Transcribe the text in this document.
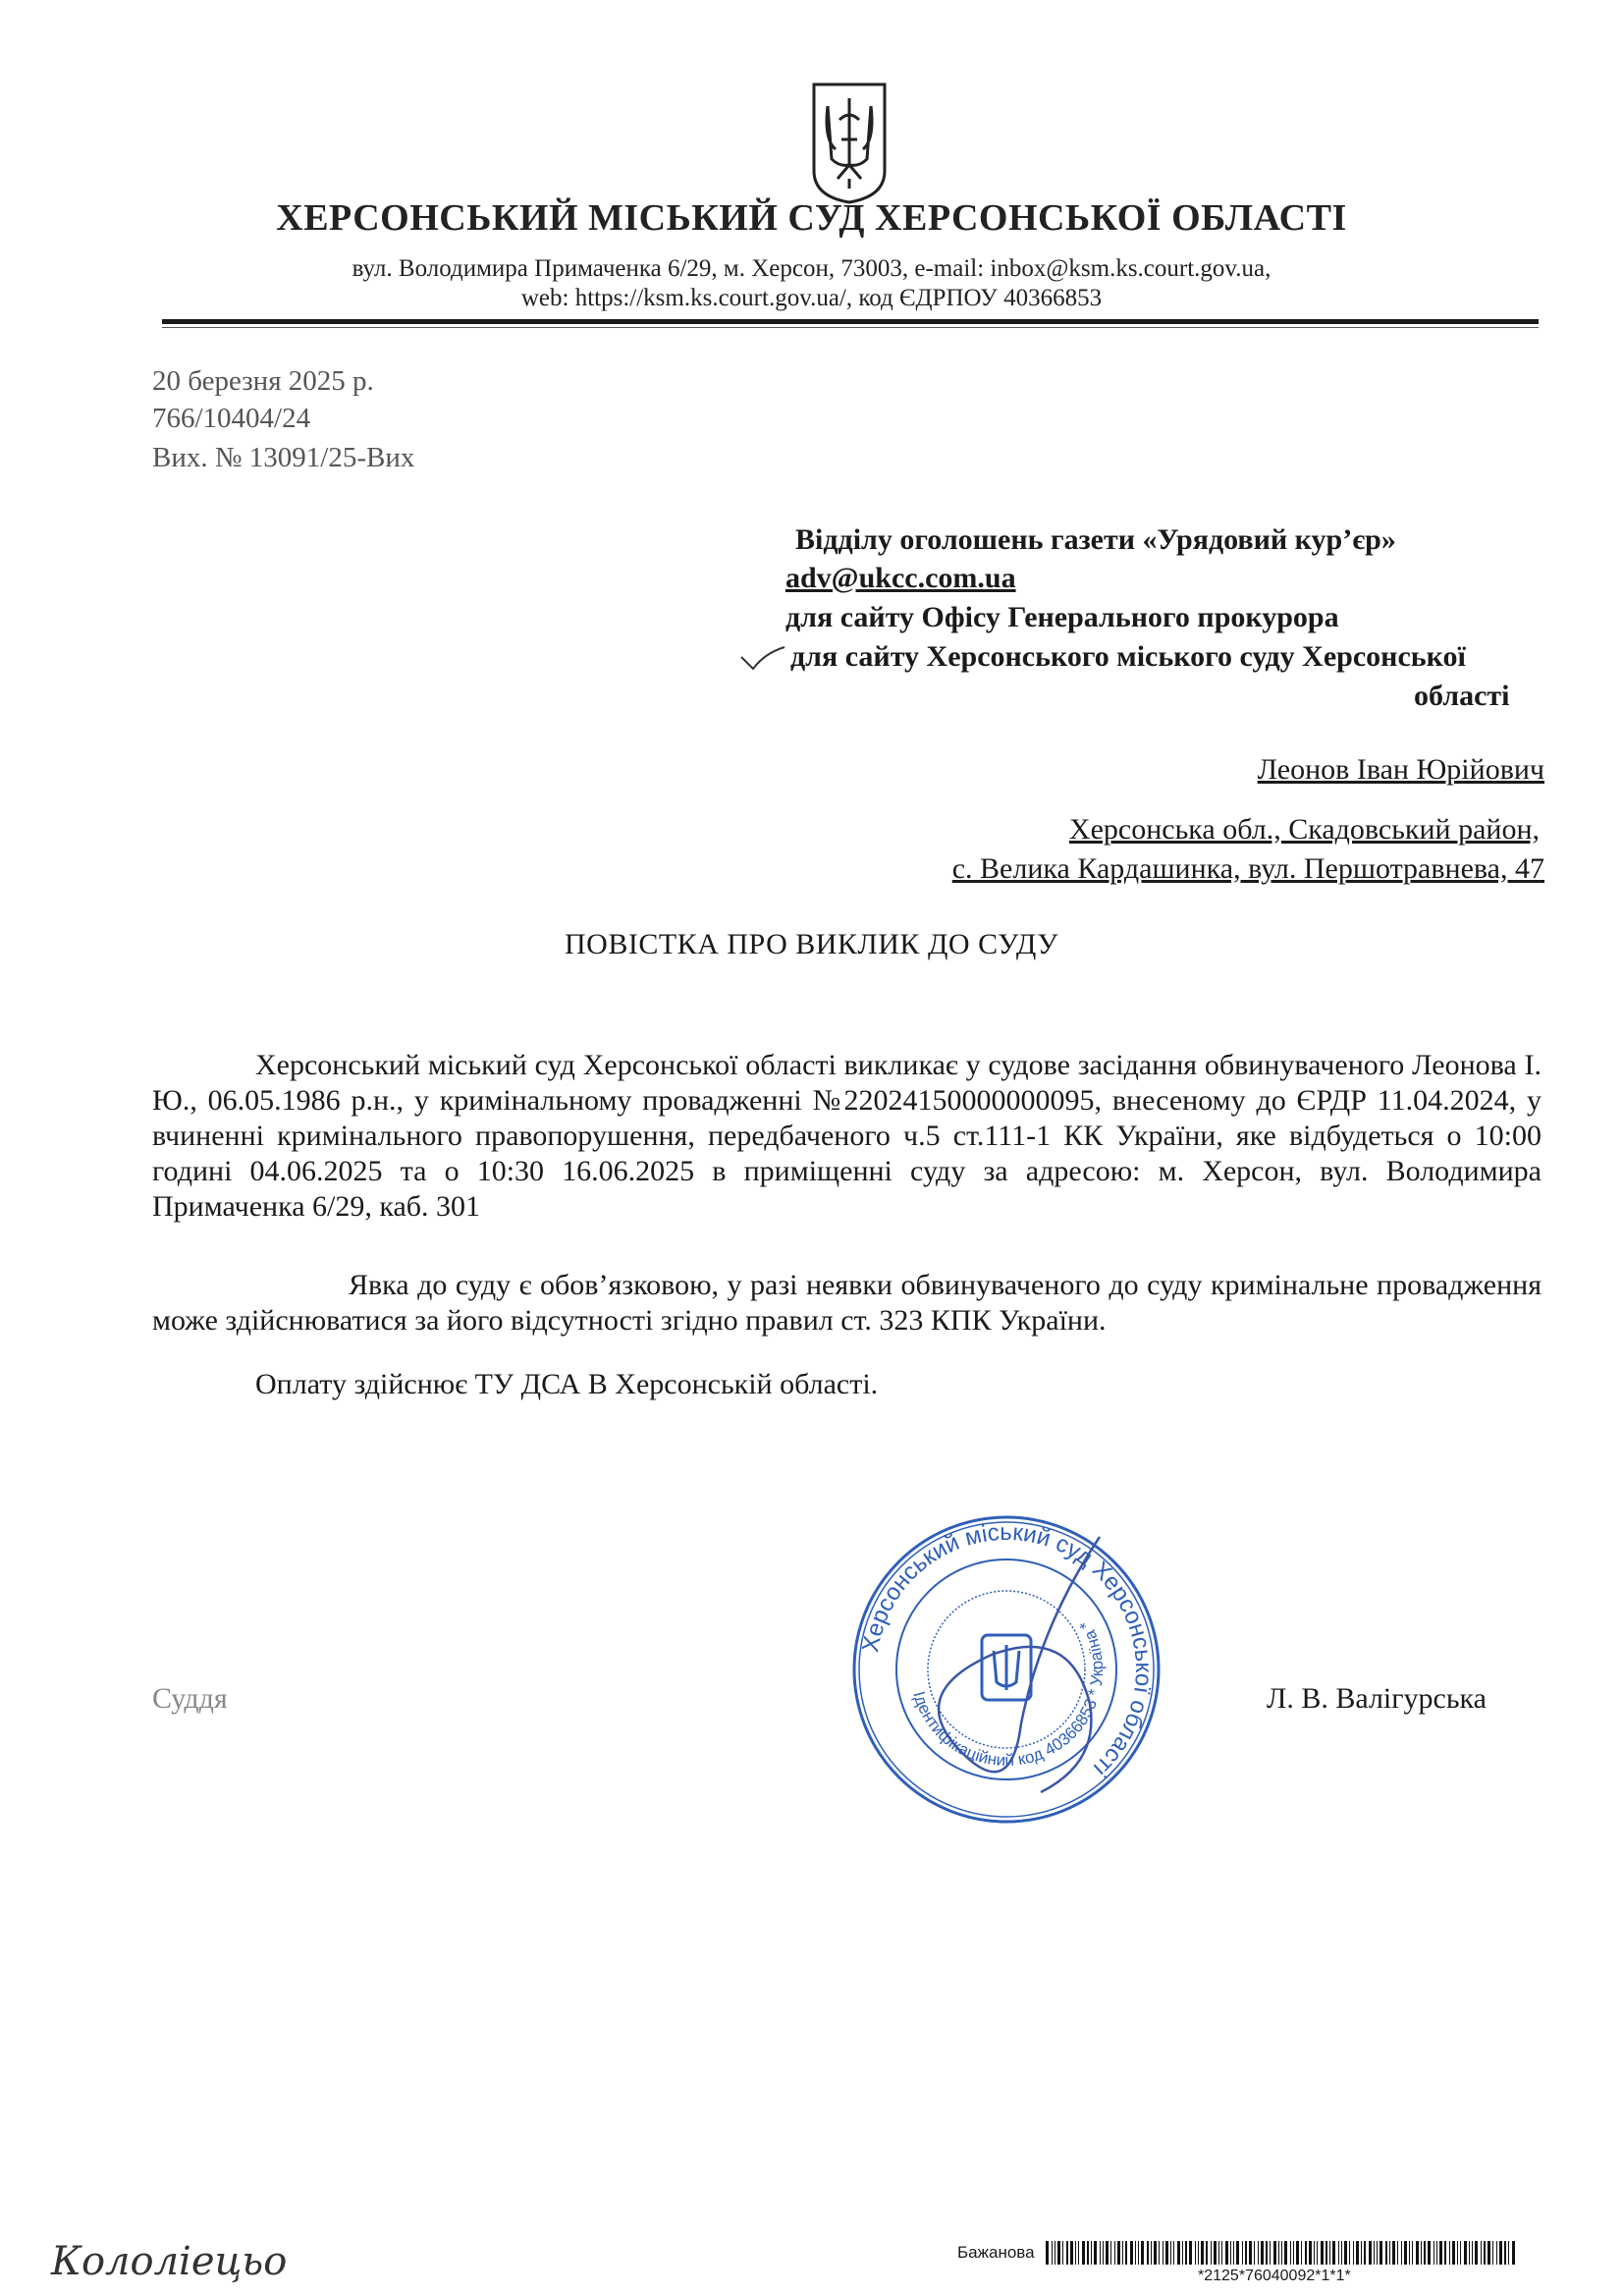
ХЕРСОНСЬКИЙ МІСЬКИЙ СУД ХЕРСОНСЬКОЇ ОБЛАСТІ
вул. Володимира Примаченка 6/29, м. Херсон, 73003, e-mail: inbox@ksm.ks.court.gov.ua,
web: https://ksm.ks.court.gov.ua/, код ЄДРПОУ 40366853
20 березня 2025 р.
766/10404/24
Вих. № 13091/25-Вих
Відділу оголошень газети «Урядовий кур’єр»
adv@ukcc.com.ua
для сайту Офісу Генерального прокурора
для сайту Херсонського міського суду Херсонської
області
Леонов Іван Юрійович
Херсонська обл., Скадовський район,
с. Велика Кардашинка, вул. Першотравнева, 47
ПОВІСТКА ПРО ВИКЛИК ДО СУДУ
Херсонський міський суд Херсонської області викликає у судове засідання обвинуваченого Леонова І. Ю., 06.05.1986 р.н., у кримінальному провадженні №22024150000000095, внесеному до ЄРДР 11.04.2024, у вчиненні кримінального правопорушення, передбаченого ч.5 ст.111-1 КК України, яке відбудеться о 10:00 годині 04.06.2025 та о 10:30 16.06.2025 в приміщенні суду за адресою: м. Херсон, вул. Володимира Примаченка 6/29, каб. 301
Явка до суду є обов’язковою, у разі неявки обвинуваченого до суду кримінальне провадження може здійснюватися за його відсутності згідно правил ст. 323 КПК України.
Оплату здійснює ТУ ДСА В Херсонській області.
Херсонський міський суд Херсонської області
Ідентифікаційний код 40366853 * Україна *
Суддя	Л. В. Валігурська
Бажанова
*2125*76040092*1*1*
Кололіецьо
